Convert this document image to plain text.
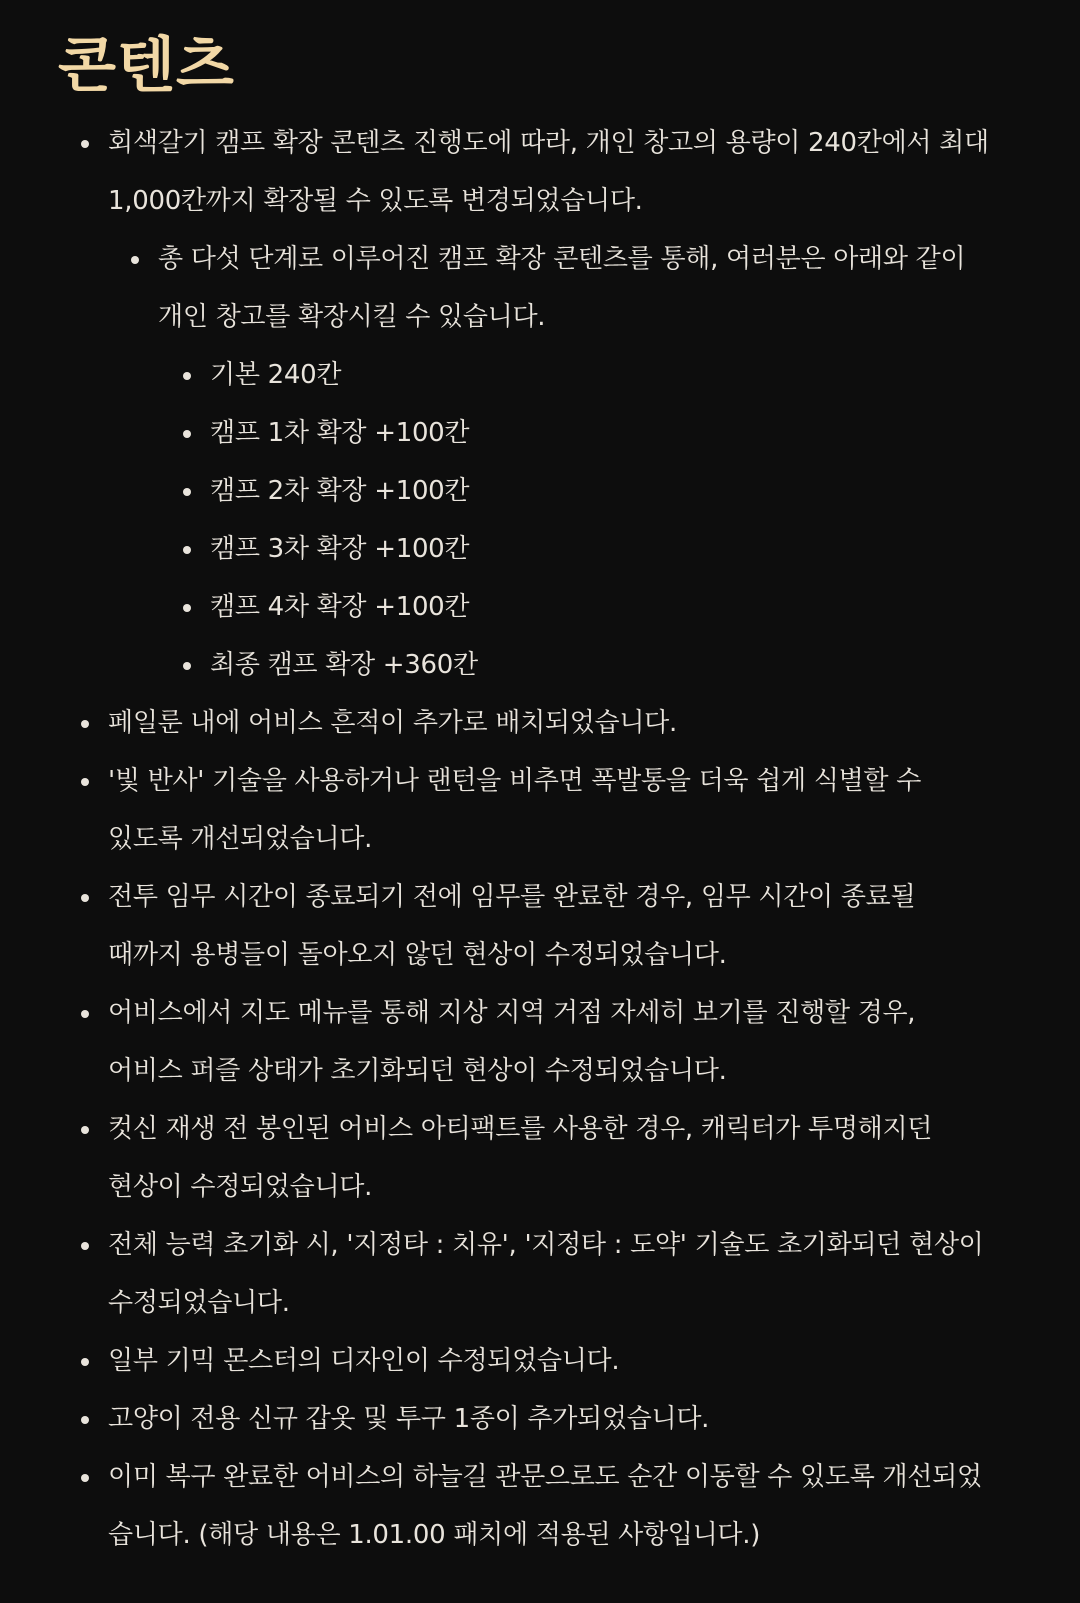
콘텐츠
회색갈기 캠프 확장 콘텐츠 진행도에 따라, 개인 창고의 용량이 240칸에서 최대 1,000칸까지 확장될 수 있도록 변경되었습니다.
총 다섯 단계로 이루어진 캠프 확장 콘텐츠를 통해, 여러분은 아래와 같이 개인 창고를 확장시킬 수 있습니다.
기본 240칸
캠프 1차 확장 +100칸
캠프 2차 확장 +100칸
캠프 3차 확장 +100칸
캠프 4차 확장 +100칸
최종 캠프 확장 +360칸
페일룬 내에 어비스 흔적이 추가로 배치되었습니다.
'빛 반사' 기술을 사용하거나 랜턴을 비추면 폭발통을 더욱 쉽게 식별할 수 있도록 개선되었습니다.
전투 임무 시간이 종료되기 전에 임무를 완료한 경우, 임무 시간이 종료될 때까지 용병들이 돌아오지 않던 현상이 수정되었습니다.
어비스에서 지도 메뉴를 통해 지상 지역 거점 자세히 보기를 진행할 경우, 어비스 퍼즐 상태가 초기화되던 현상이 수정되었습니다.
컷신 재생 전 봉인된 어비스 아티팩트를 사용한 경우, 캐릭터가 투명해지던 현상이 수정되었습니다.
전체 능력 초기화 시, '지정타 : 치유', '지정타 : 도약' 기술도 초기화되던 현상이 수정되었습니다.
일부 기믹 몬스터의 디자인이 수정되었습니다.
고양이 전용 신규 갑옷 및 투구 1종이 추가되었습니다.
이미 복구 완료한 어비스의 하늘길 관문으로도 순간 이동할 수 있도록 개선되었습니다. (해당 내용은 1.01.00 패치에 적용된 사항입니다.)
